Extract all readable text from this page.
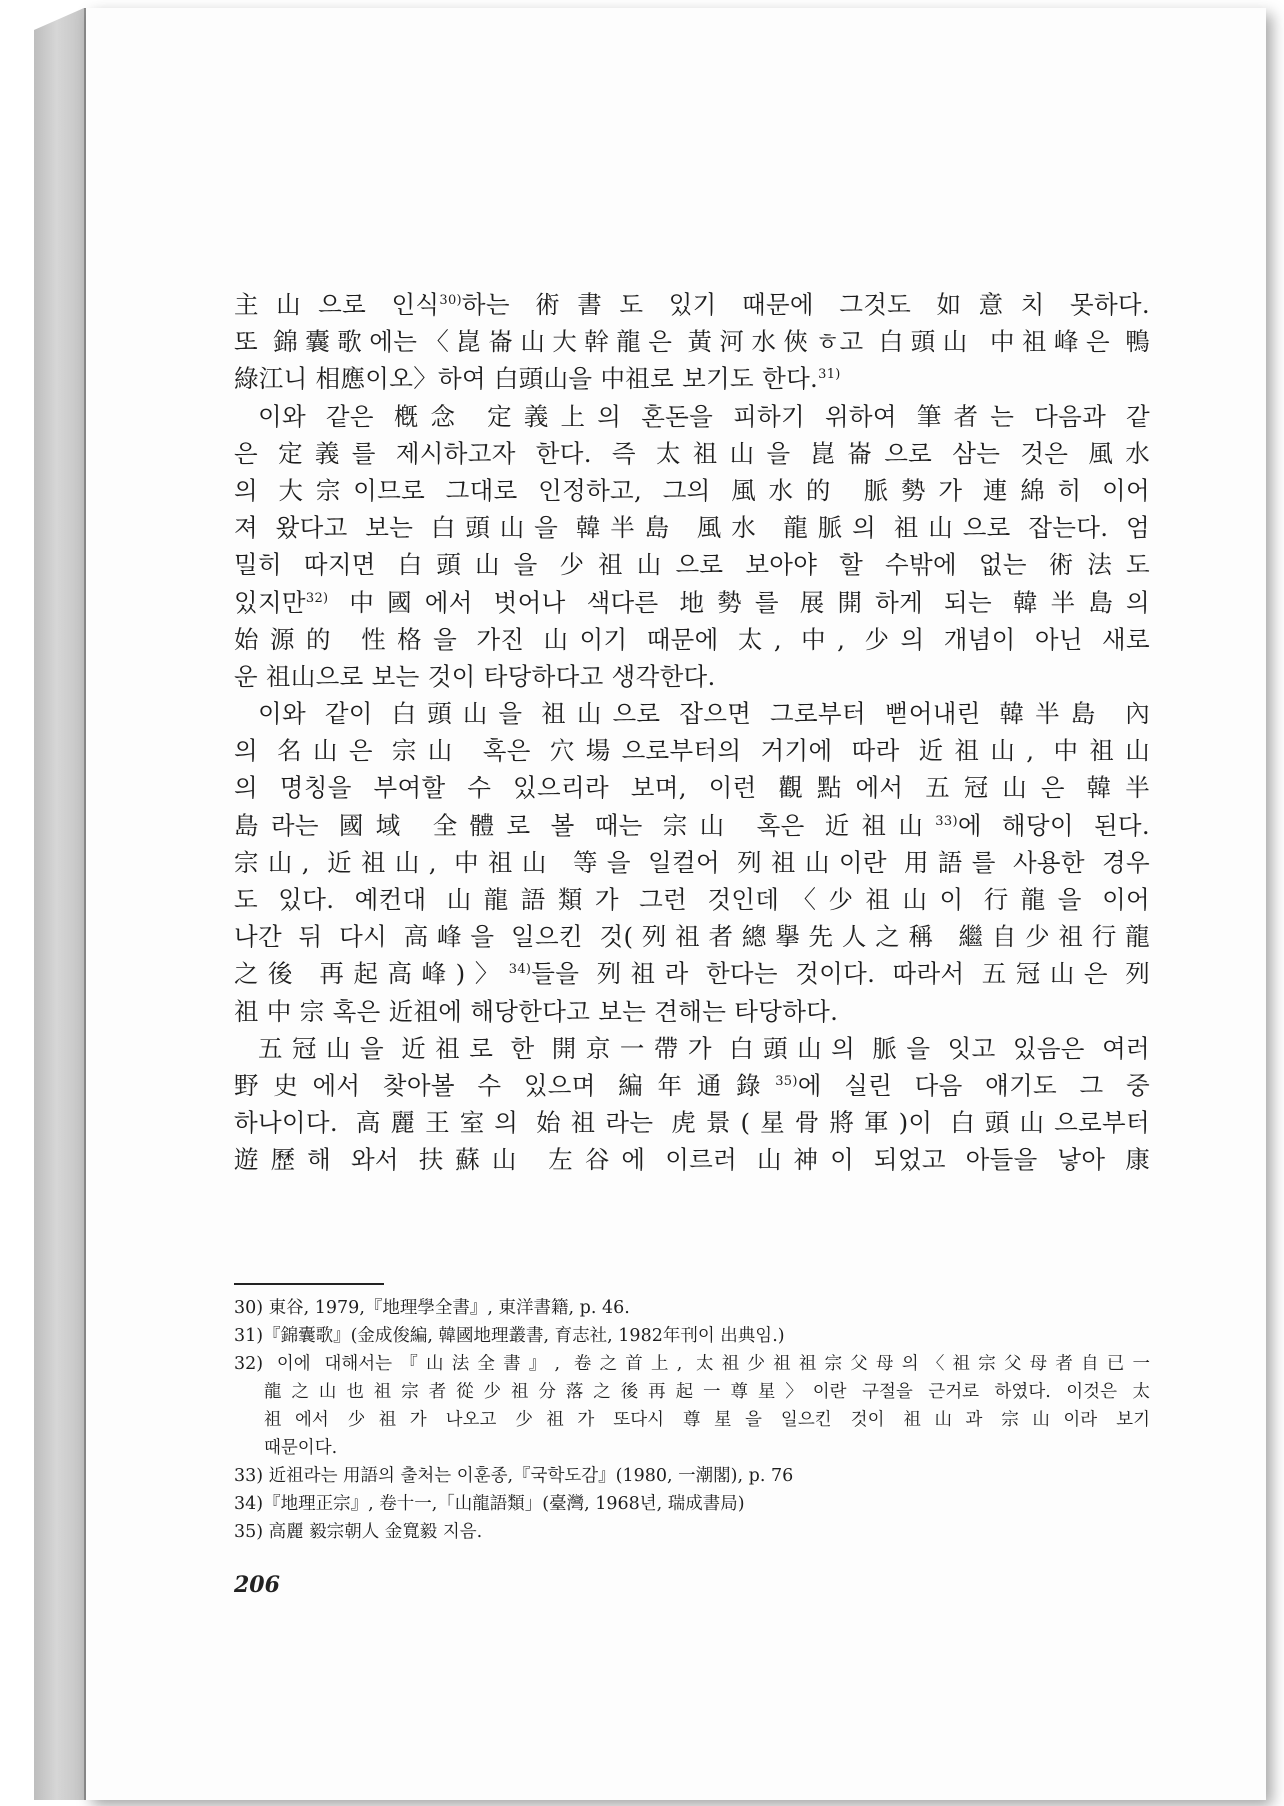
主山으로 인식$^{30)}$하는 術書도 있기 때문에 그것도 如意치 못하다.
또 錦囊歌에는〈崑崙山大幹龍은 黃河水俠ㅎ고 白頭山 中祖峰은 鴨
綠江니 相應이오〉하여 白頭山을 中祖로 보기도 한다.$^{31)}$
이와 같은 槪念 定義上의 혼돈을 피하기 위하여 筆者는 다음과 같
은 定義를 제시하고자 한다. 즉 太祖山을 崑崙으로 삼는 것은 風水
의 大宗이므로 그대로 인정하고, 그의 風水的 脈勢가 連綿히 이어
져 왔다고 보는 白頭山을 韓半島 風水 龍脈의 祖山으로 잡는다. 엄
밀히 따지면 白頭山을 少祖山으로 보아야 할 수밖에 없는 術法도
있지만$^{32)}$ 中國에서 벗어나 색다른 地勢를 展開하게 되는 韓半島의
始源的 性格을 가진 山이기 때문에 太, 中, 少의 개념이 아닌 새로
운 祖山으로 보는 것이 타당하다고 생각한다.
이와 같이 白頭山을 祖山으로 잡으면 그로부터 뻗어내린 韓半島 內
의 名山은 宗山 혹은 穴場으로부터의 거기에 따라 近祖山, 中祖山
의 명칭을 부여할 수 있으리라 보며, 이런 觀點에서 五冠山은 韓半
島라는 國域 全體로 볼 때는 宗山 혹은 近祖山$^{33)}$에 해당이 된다.
宗山, 近祖山, 中祖山 等을 일컬어 列祖山이란 用語를 사용한 경우
도 있다. 예컨대 山龍語類가 그런 것인데〈少祖山이 行龍을 이어
나간 뒤 다시 高峰을 일으킨 것(列祖者總擧先人之稱 繼自少祖行龍
之後 再起高峰)〉$^{34)}$들을 列祖라 한다는 것이다. 따라서 五冠山은 列
祖 中 宗 혹은 近祖에 해당한다고 보는 견해는 타당하다.
五冠山을 近祖로 한 開京一帶가 白頭山의 脈을 잇고 있음은 여러
野史에서 찾아볼 수 있으며 編年通錄$^{35)}$에 실린 다음 얘기도 그 중
하나이다. 高麗王室의 始祖라는 虎景(星骨將軍)이 白頭山으로부터
遊歷해 와서 扶蘇山 左谷에 이르러 山神이 되었고 아들을 낳아 康
30) 東谷, 1979,『地理學全書』, 東洋書籍, p. 46.
31)『錦囊歌』(金成俊編, 韓國地理叢書, 育志社, 1982年刊이 出典임.)
32) 이에 대해서는『山法全書』, 卷之首上, 太祖少祖祖宗父母의〈祖宗父母者自已一
龍之山也祖宗者從少祖分落之後再起一尊星〉이란 구절을 근거로 하였다. 이것은 太
祖에서 少祖가 나오고 少祖가 또다시 尊星을 일으킨 것이 祖山과 宗山이라 보기
때문이다.
33) 近祖라는 用語의 출처는 이훈종,『국학도감』(1980, 一潮閣), p. 76
34)『地理正宗』, 卷十一,「山龍語類」(臺灣, 1968년, 瑞成書局)
35) 高麗 毅宗朝人 金寬毅 지음.
206
